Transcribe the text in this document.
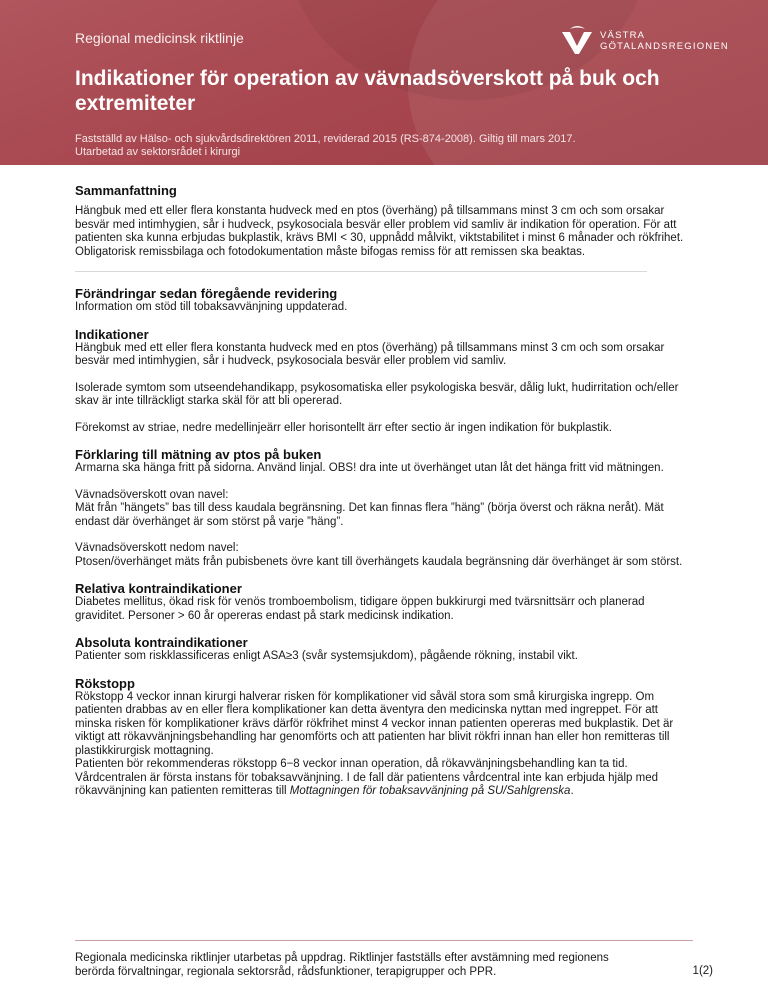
Regional medicinsk riktlinje	VÄSTRA
GÖTALANDSREGIONEN
Indikationer för operation av vävnadsöverskott på buk och extremiteter
Fastställd av Hälso- och sjukvårdsdirektören 2011, reviderad 2015 (RS-874-2008). Giltig till mars 2017.
Utarbetad av sektorsrådet i kirurgi
Sammanfattning

Hängbuk med ett eller flera konstanta hudveck med en ptos (överhäng) på tillsammans minst 3 cm och som orsakar besvär med intimhygien, sår i hudveck, psykosociala besvär eller problem vid samliv är indikation för operation. För att patienten ska kunna erbjudas bukplastik, krävs BMI < 30, uppnådd målvikt, viktstabilitet i minst 6 månader och rökfrihet. Obligatorisk remissbilaga och fotodokumentation måste bifogas remiss för att remissen ska beaktas.

Förändringar sedan föregående revidering

Information om stöd till tobaksavvänjning uppdaterad.

Indikationer

Hängbuk med ett eller flera konstanta hudveck med en ptos (överhäng) på tillsammans minst 3 cm och som orsakar besvär med intimhygien, sår i hudveck, psykosociala besvär eller problem vid samliv.

Isolerade symtom som utseendehandikapp, psykosomatiska eller psykologiska besvär, dålig lukt, hudirritation och/eller skav är inte tillräckligt starka skäl för att bli opererad.

Förekomst av striae, nedre medellinjeärr eller horisontellt ärr efter sectio är ingen indikation för bukplastik.

Förklaring till mätning av ptos på buken

Armarna ska hänga fritt på sidorna. Använd linjal. OBS! dra inte ut överhänget utan låt det hänga fritt vid mätningen.

Vävnadsöverskott ovan navel:

Mät från ”hängets” bas till dess kaudala begränsning. Det kan finnas flera ”häng” (börja överst och räkna neråt). Mät endast där överhänget är som störst på varje ”häng”.

Vävnadsöverskott nedom navel:

Ptosen/överhänget mäts från pubisbenets övre kant till överhängets kaudala begränsning där överhänget är som störst.

Relativa kontraindikationer

Diabetes mellitus, ökad risk för venös tromboembolism, tidigare öppen bukkirurgi med tvärsnittsärr och planerad graviditet. Personer > 60 år opereras endast på stark medicinsk indikation.

Absoluta kontraindikationer

Patienter som riskklassificeras enligt ASA≥3 (svår systemsjukdom), pågående rökning, instabil vikt.

Rökstopp

Rökstopp 4 veckor innan kirurgi halverar risken för komplikationer vid såväl stora som små kirurgiska ingrepp. Om patienten drabbas av en eller flera komplikationer kan detta äventyra den medicinska nyttan med ingreppet. För att minska risken för komplikationer krävs därför rökfrihet minst 4 veckor innan patienten opereras med bukplastik. Det är viktigt att rökavvänjningsbehandling har genomförts och att patienten har blivit rökfri innan han eller hon remitteras till plastikkirurgisk mottagning.

Patienten bör rekommenderas rökstopp 6−8 veckor innan operation, då rökavvänjningsbehandling kan ta tid. Vårdcentralen är första instans för tobaksavvänjning. I de fall där patientens vårdcentral inte kan erbjuda hjälp med rökavvänjning kan patienten remitteras till Mottagningen för tobaksavvänjning på SU/Sahlgrenska.

Regionala medicinska riktlinjer utarbetas på uppdrag. Riktlinjer fastställs efter avstämning med regionens
berörda förvaltningar, regionala sektorsråd, rådsfunktioner, terapigrupper och PPR.	1(2)
